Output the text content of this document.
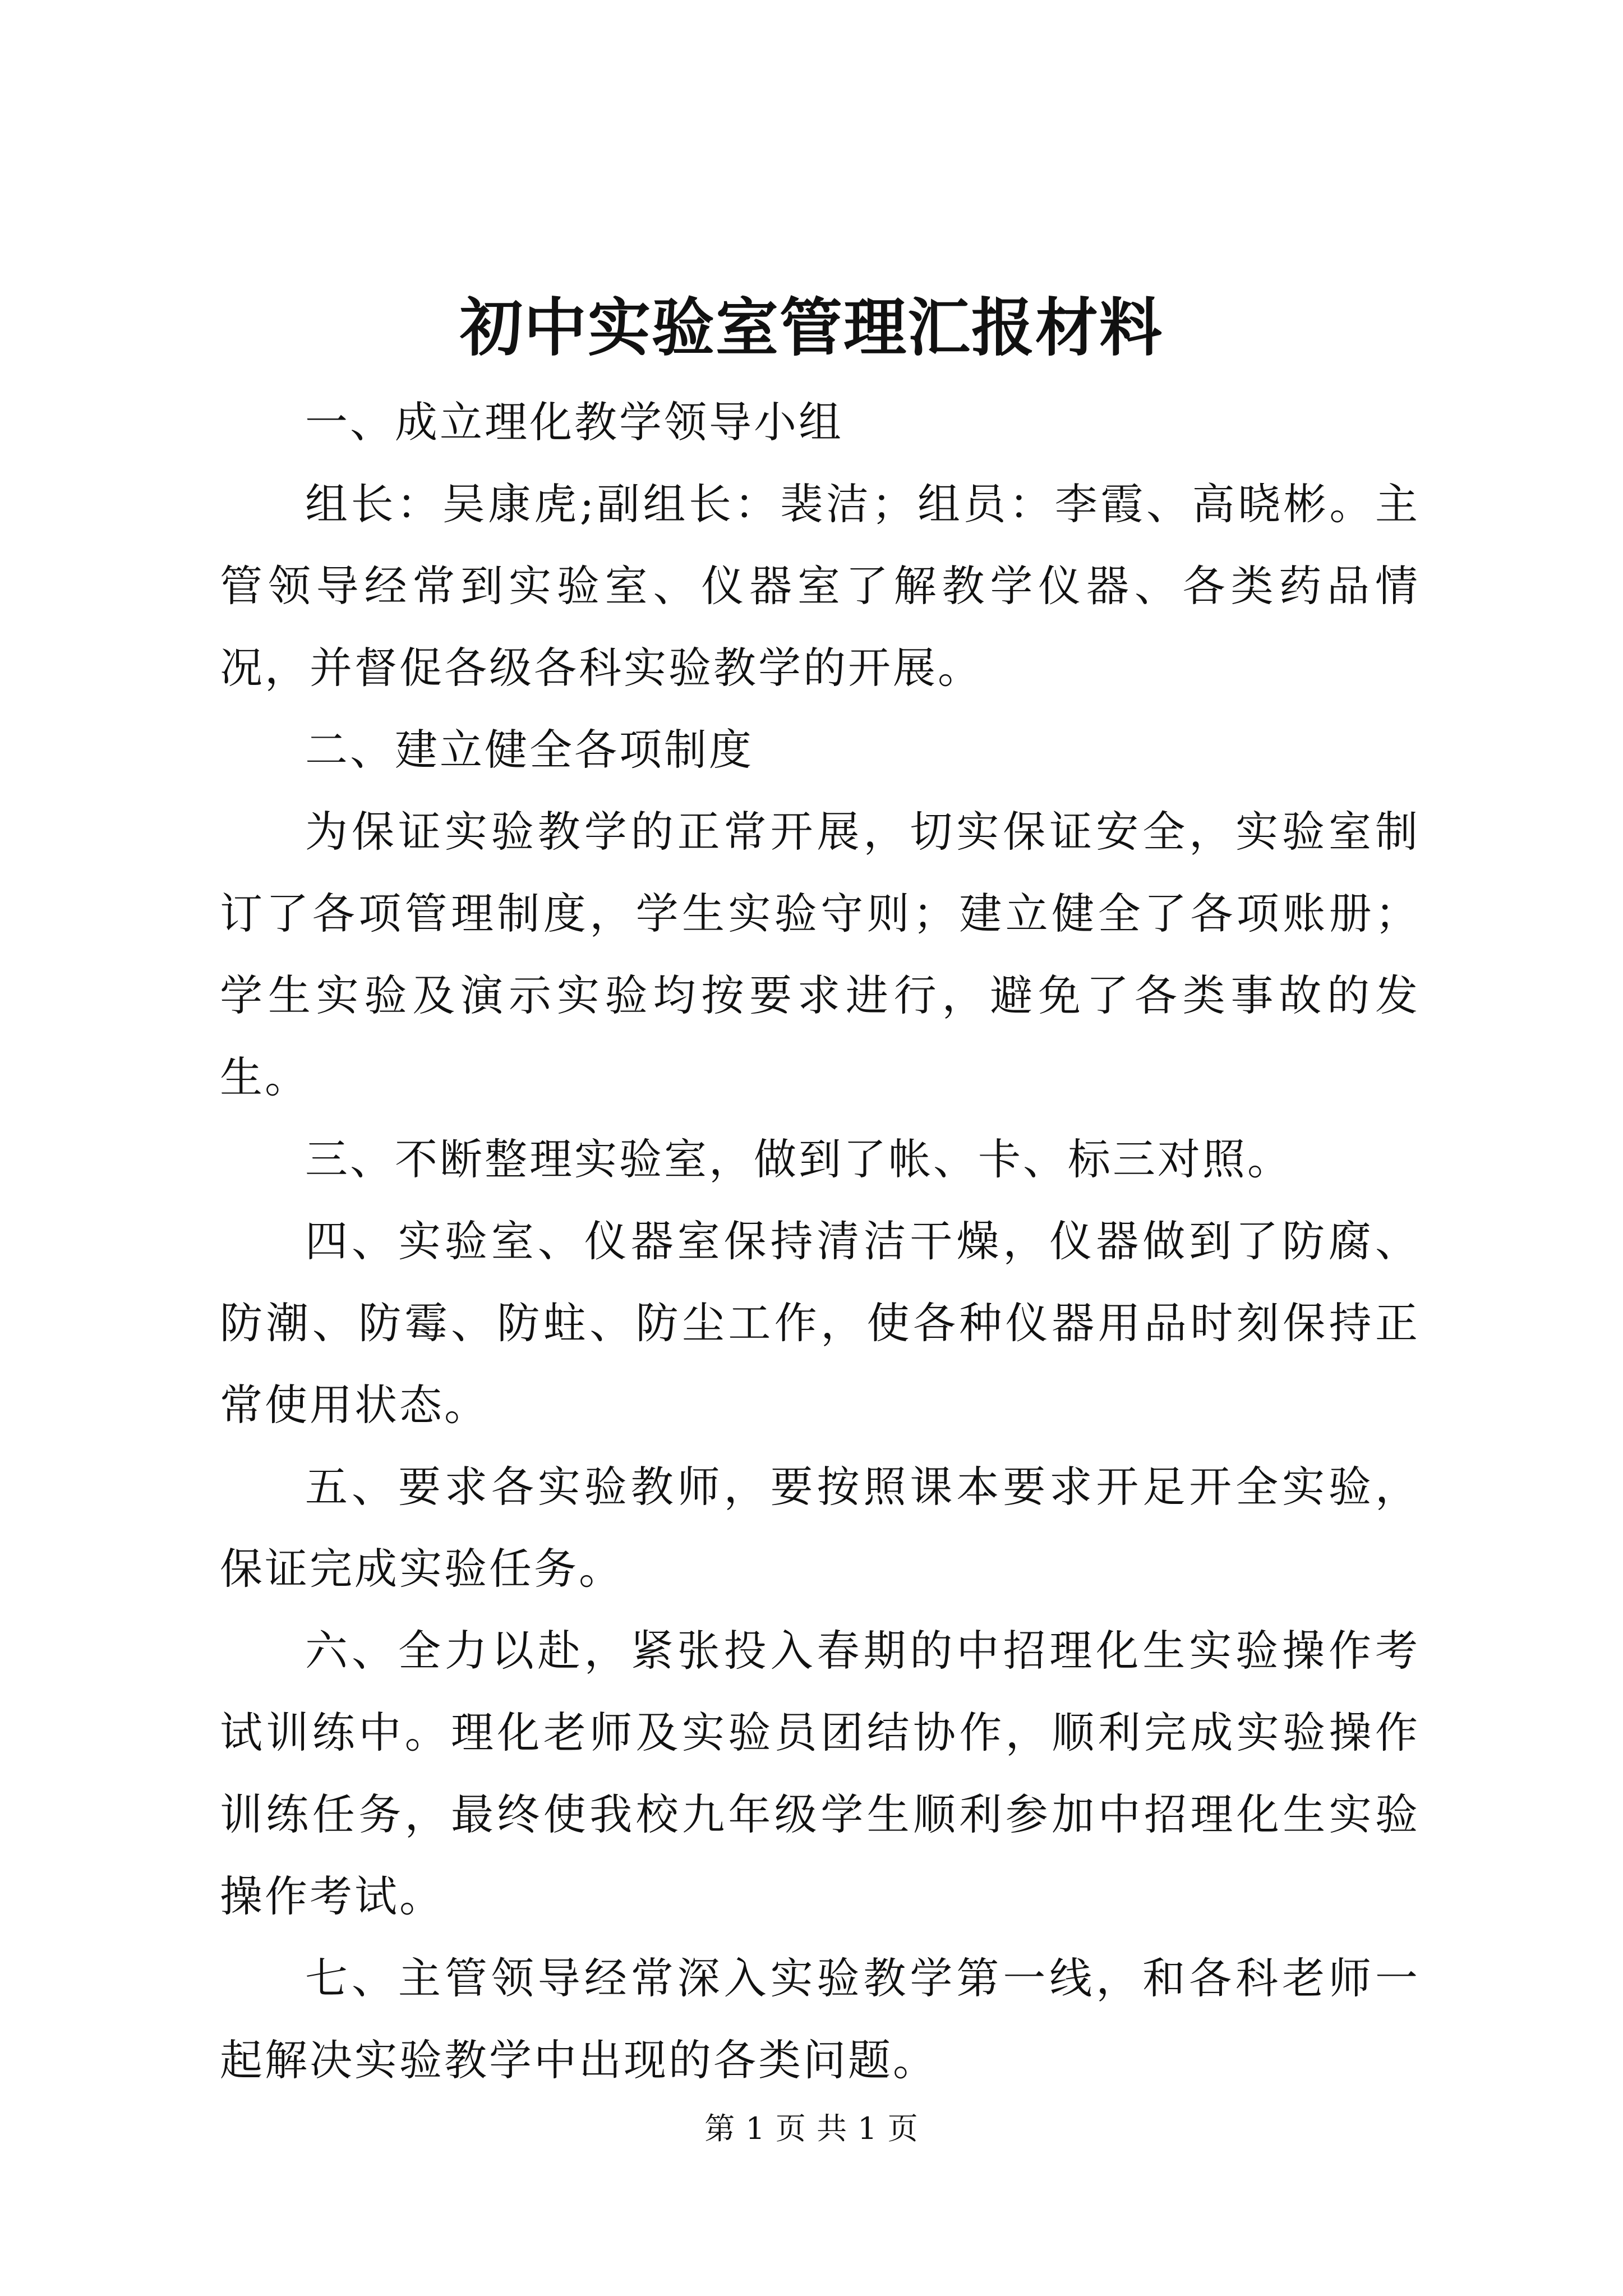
初中实验室管理汇报材料

一、成立理化教学领导小组

组长：吴康虎;副组长：裴洁；组员：李霞、高晓彬。主管领导经常到实验室、仪器室了解教学仪器、各类药品情况，并督促各级各科实验教学的开展。

二、建立健全各项制度

为保证实验教学的正常开展，切实保证安全，实验室制订了各项管理制度，学生实验守则；建立健全了各项账册；学生实验及演示实验均按要求进行，避免了各类事故的发生。

三、不断整理实验室，做到了帐、卡、标三对照。

四、实验室、仪器室保持清洁干燥，仪器做到了防腐、防潮、防霉、防蛀、防尘工作，使各种仪器用品时刻保持正常使用状态。

五、要求各实验教师，要按照课本要求开足开全实验，保证完成实验任务。

六、全力以赴，紧张投入春期的中招理化生实验操作考试训练中。理化老师及实验员团结协作，顺利完成实验操作训练任务，最终使我校九年级学生顺利参加中招理化生实验操作考试。

七、主管领导经常深入实验教学第一线，和各科老师一起解决实验教学中出现的各类问题。

第 1 页 共 1 页
